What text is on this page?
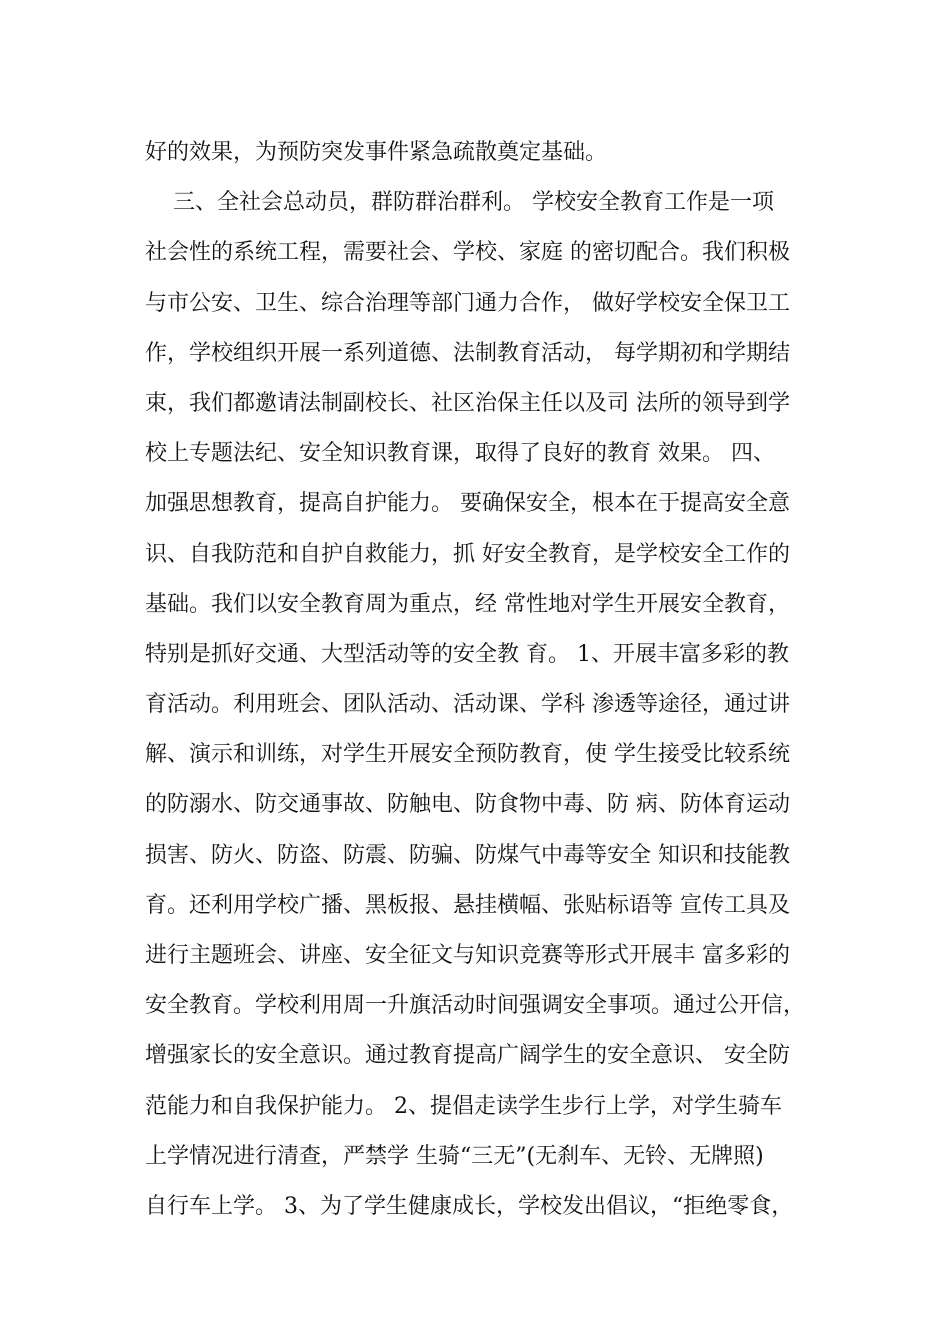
好的效果，为预防突发事件紧急疏散奠定基础。
三、全社会总动员，群防群治群利。 学校安全教育工作是一项
社会性的系统工程，需要社会、学校、家庭 的密切配合。我们积极
与市公安、卫生、综合治理等部门通力合作， 做好学校安全保卫工
作，学校组织开展一系列道德、法制教育活动， 每学期初和学期结
束，我们都邀请法制副校长、社区治保主任以及司 法所的领导到学
校上专题法纪、安全知识教育课，取得了良好的教育 效果。 四、
加强思想教育，提高自护能力。 要确保安全，根本在于提高安全意
识、自我防范和自护自救能力，抓 好安全教育，是学校安全工作的
基础。我们以安全教育周为重点，经 常性地对学生开展安全教育，
特别是抓好交通、大型活动等的安全教 育。 1、开展丰富多彩的教
育活动。利用班会、团队活动、活动课、学科 渗透等途径，通过讲
解、演示和训练，对学生开展安全预防教育，使 学生接受比较系统
的防溺水、防交通事故、防触电、防食物中毒、防 病、防体育运动
损害、防火、防盗、防震、防骗、防煤气中毒等安全 知识和技能教
育。还利用学校广播、黑板报、悬挂横幅、张贴标语等 宣传工具及
进行主题班会、讲座、安全征文与知识竞赛等形式开展丰 富多彩的
安全教育。学校利用周一升旗活动时间强调安全事项。通过公开信，
增强家长的安全意识。通过教育提高广阔学生的安全意识、 安全防
范能力和自我保护能力。 2、提倡走读学生步行上学，对学生骑车
上学情况进行清查，严禁学 生骑“三无”(无刹车、无铃、无牌照)
自行车上学。 3、为了学生健康成长，学校发出倡议，“拒绝零食，
